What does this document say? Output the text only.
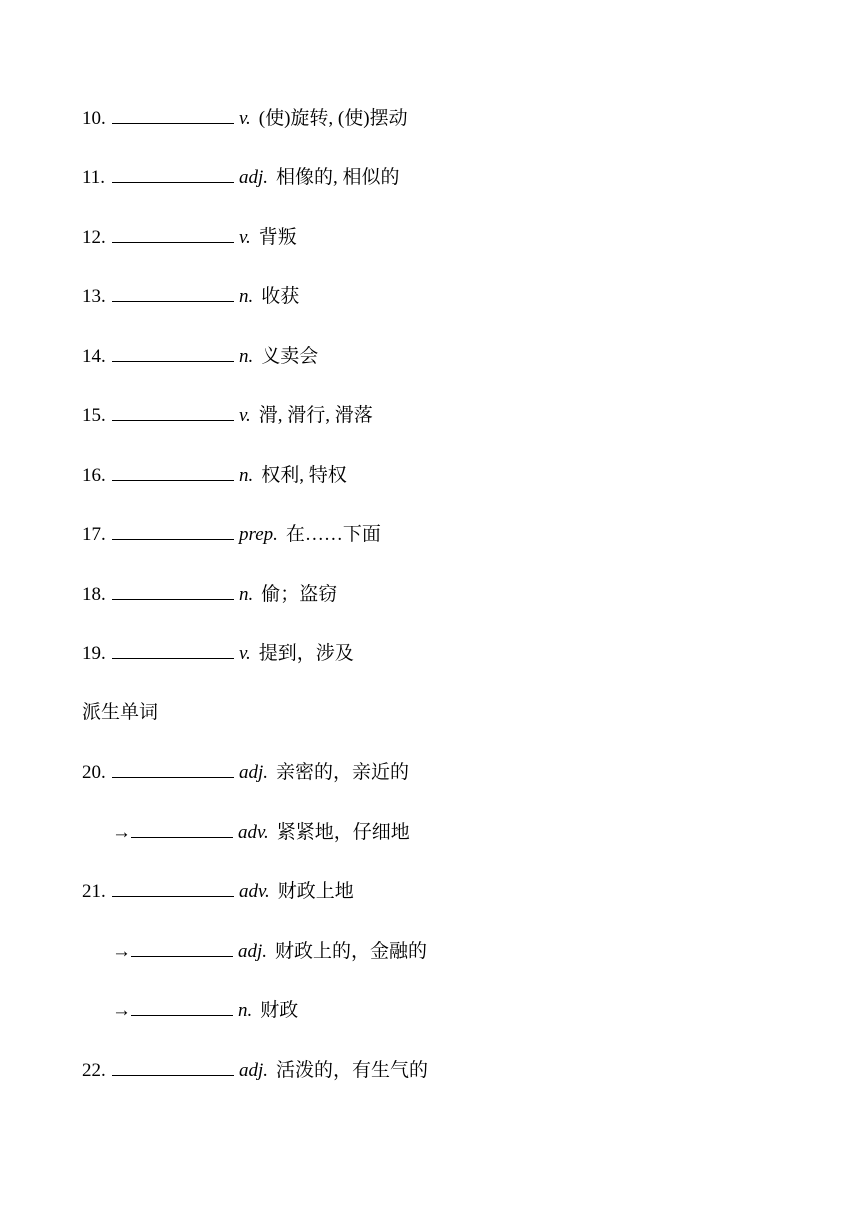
10.	v. (使)旋转, (使)摆动
11.	adj. 相像的, 相似的
12.	v. 背叛
13.	n. 收获
14.	n. 义卖会
15.	v. 滑, 滑行, 滑落
16.	n. 权利, 特权
17.	prep. 在……下面
18.	n. 偷；盗窃
19.	v. 提到，涉及
派生单词
20.	adj. 亲密的，亲近的
→	adv. 紧紧地，仔细地
21.	adv. 财政上地
→	adj. 财政上的，金融的
→	n. 财政
22.	adj. 活泼的，有生气的
